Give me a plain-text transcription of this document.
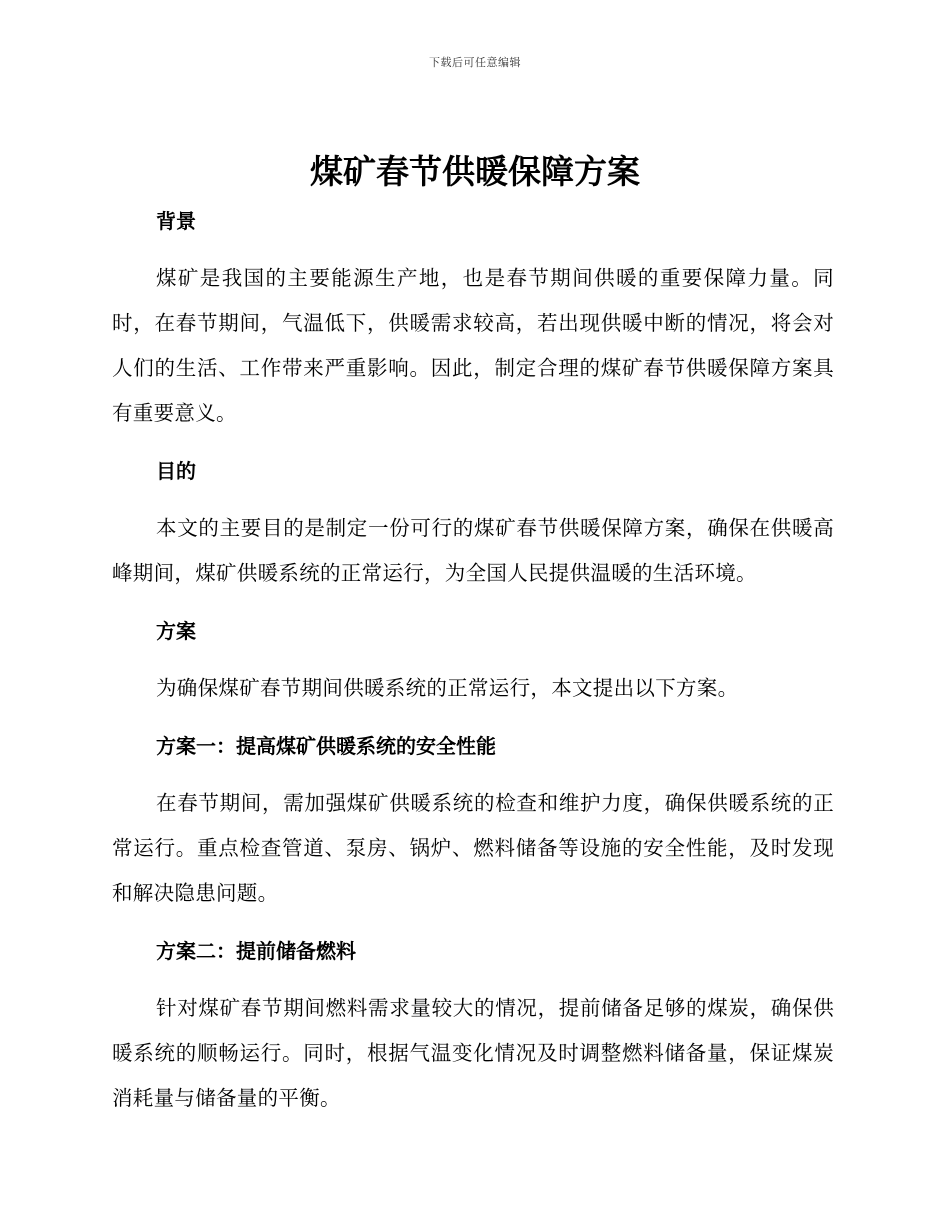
下载后可任意编辑
煤矿春节供暖保障方案
背景

煤矿是我国的主要能源生产地，也是春节期间供暖的重要保障力量。同时，在春节期间，气温低下，供暖需求较高，若出现供暖中断的情况，将会对人们的生活、工作带来严重影响。因此，制定合理的煤矿春节供暖保障方案具有重要意义。

目的

本文的主要目的是制定一份可行的煤矿春节供暖保障方案，确保在供暖高峰期间，煤矿供暖系统的正常运行，为全国人民提供温暖的生活环境。

方案

为确保煤矿春节期间供暖系统的正常运行，本文提出以下方案。

方案一：提高煤矿供暖系统的安全性能

在春节期间，需加强煤矿供暖系统的检查和维护力度，确保供暖系统的正常运行。重点检查管道、泵房、锅炉、燃料储备等设施的安全性能，及时发现和解决隐患问题。

方案二：提前储备燃料

针对煤矿春节期间燃料需求量较大的情况，提前储备足够的煤炭，确保供暖系统的顺畅运行。同时，根据气温变化情况及时调整燃料储备量，保证煤炭消耗量与储备量的平衡。
